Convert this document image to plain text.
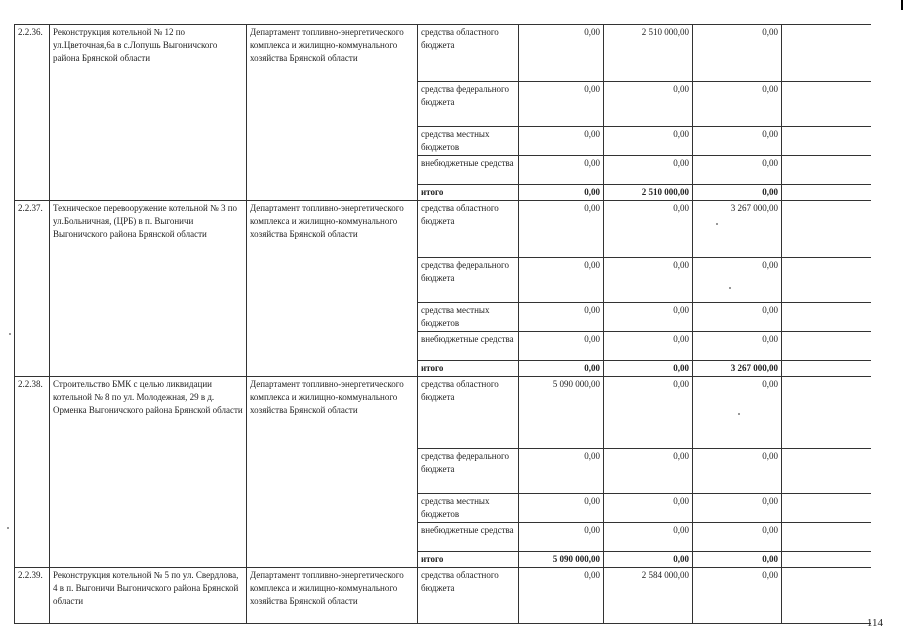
2.2.36.	Реконструкция котельной № 12 по ул.Цветочная,6а в с.Лопушь Выгоничского района Брянской области	Департамент топливно-энергетического комплекса и жилищно-коммунального хозяйства Брянской области	средства областного бюджета	0,00	2 510 000,00	0,00	
			средства федерального бюджета	0,00	0,00	0,00	
			средства местных бюджетов	0,00	0,00	0,00	
			внебюджетные средства	0,00	0,00	0,00	
			итого	0,00	2 510 000,00	0,00	
2.2.37.	Техническое перевооружение котельной № 3 по ул.Больничная, (ЦРБ) в п. Выгоничи Выгоничского района Брянской области	Департамент топливно-энергетического комплекса и жилищно-коммунального хозяйства Брянской области	средства областного бюджета	0,00	0,00	3 267 000,00	
			средства федерального бюджета	0,00	0,00	0,00	
			средства местных бюджетов	0,00	0,00	0,00	
			внебюджетные средства	0,00	0,00	0,00	
			итого	0,00	0,00	3 267 000,00	
2.2.38.	Строительство БМК с целью ликвидации котельной № 8 по ул. Молодежная, 29 в д. Орменка Выгоничского района Брянской области	Департамент топливно-энергетического комплекса и жилищно-коммунального хозяйства Брянской области	средства областного бюджета	5 090 000,00	0,00	0,00	
			средства федерального бюджета	0,00	0,00	0,00	
			средства местных бюджетов	0,00	0,00	0,00	
			внебюджетные средства	0,00	0,00	0,00	
			итого	5 090 000,00	0,00	0,00	
2.2.39.	Реконструкция котельной № 5 по ул. Свердлова, 4 в п. Выгоничи Выгоничского района Брянской области	Департамент топливно-энергетического комплекса и жилищно-коммунального хозяйства Брянской области	средства областного бюджета	0,00	2 584 000,00	0,00	
114
